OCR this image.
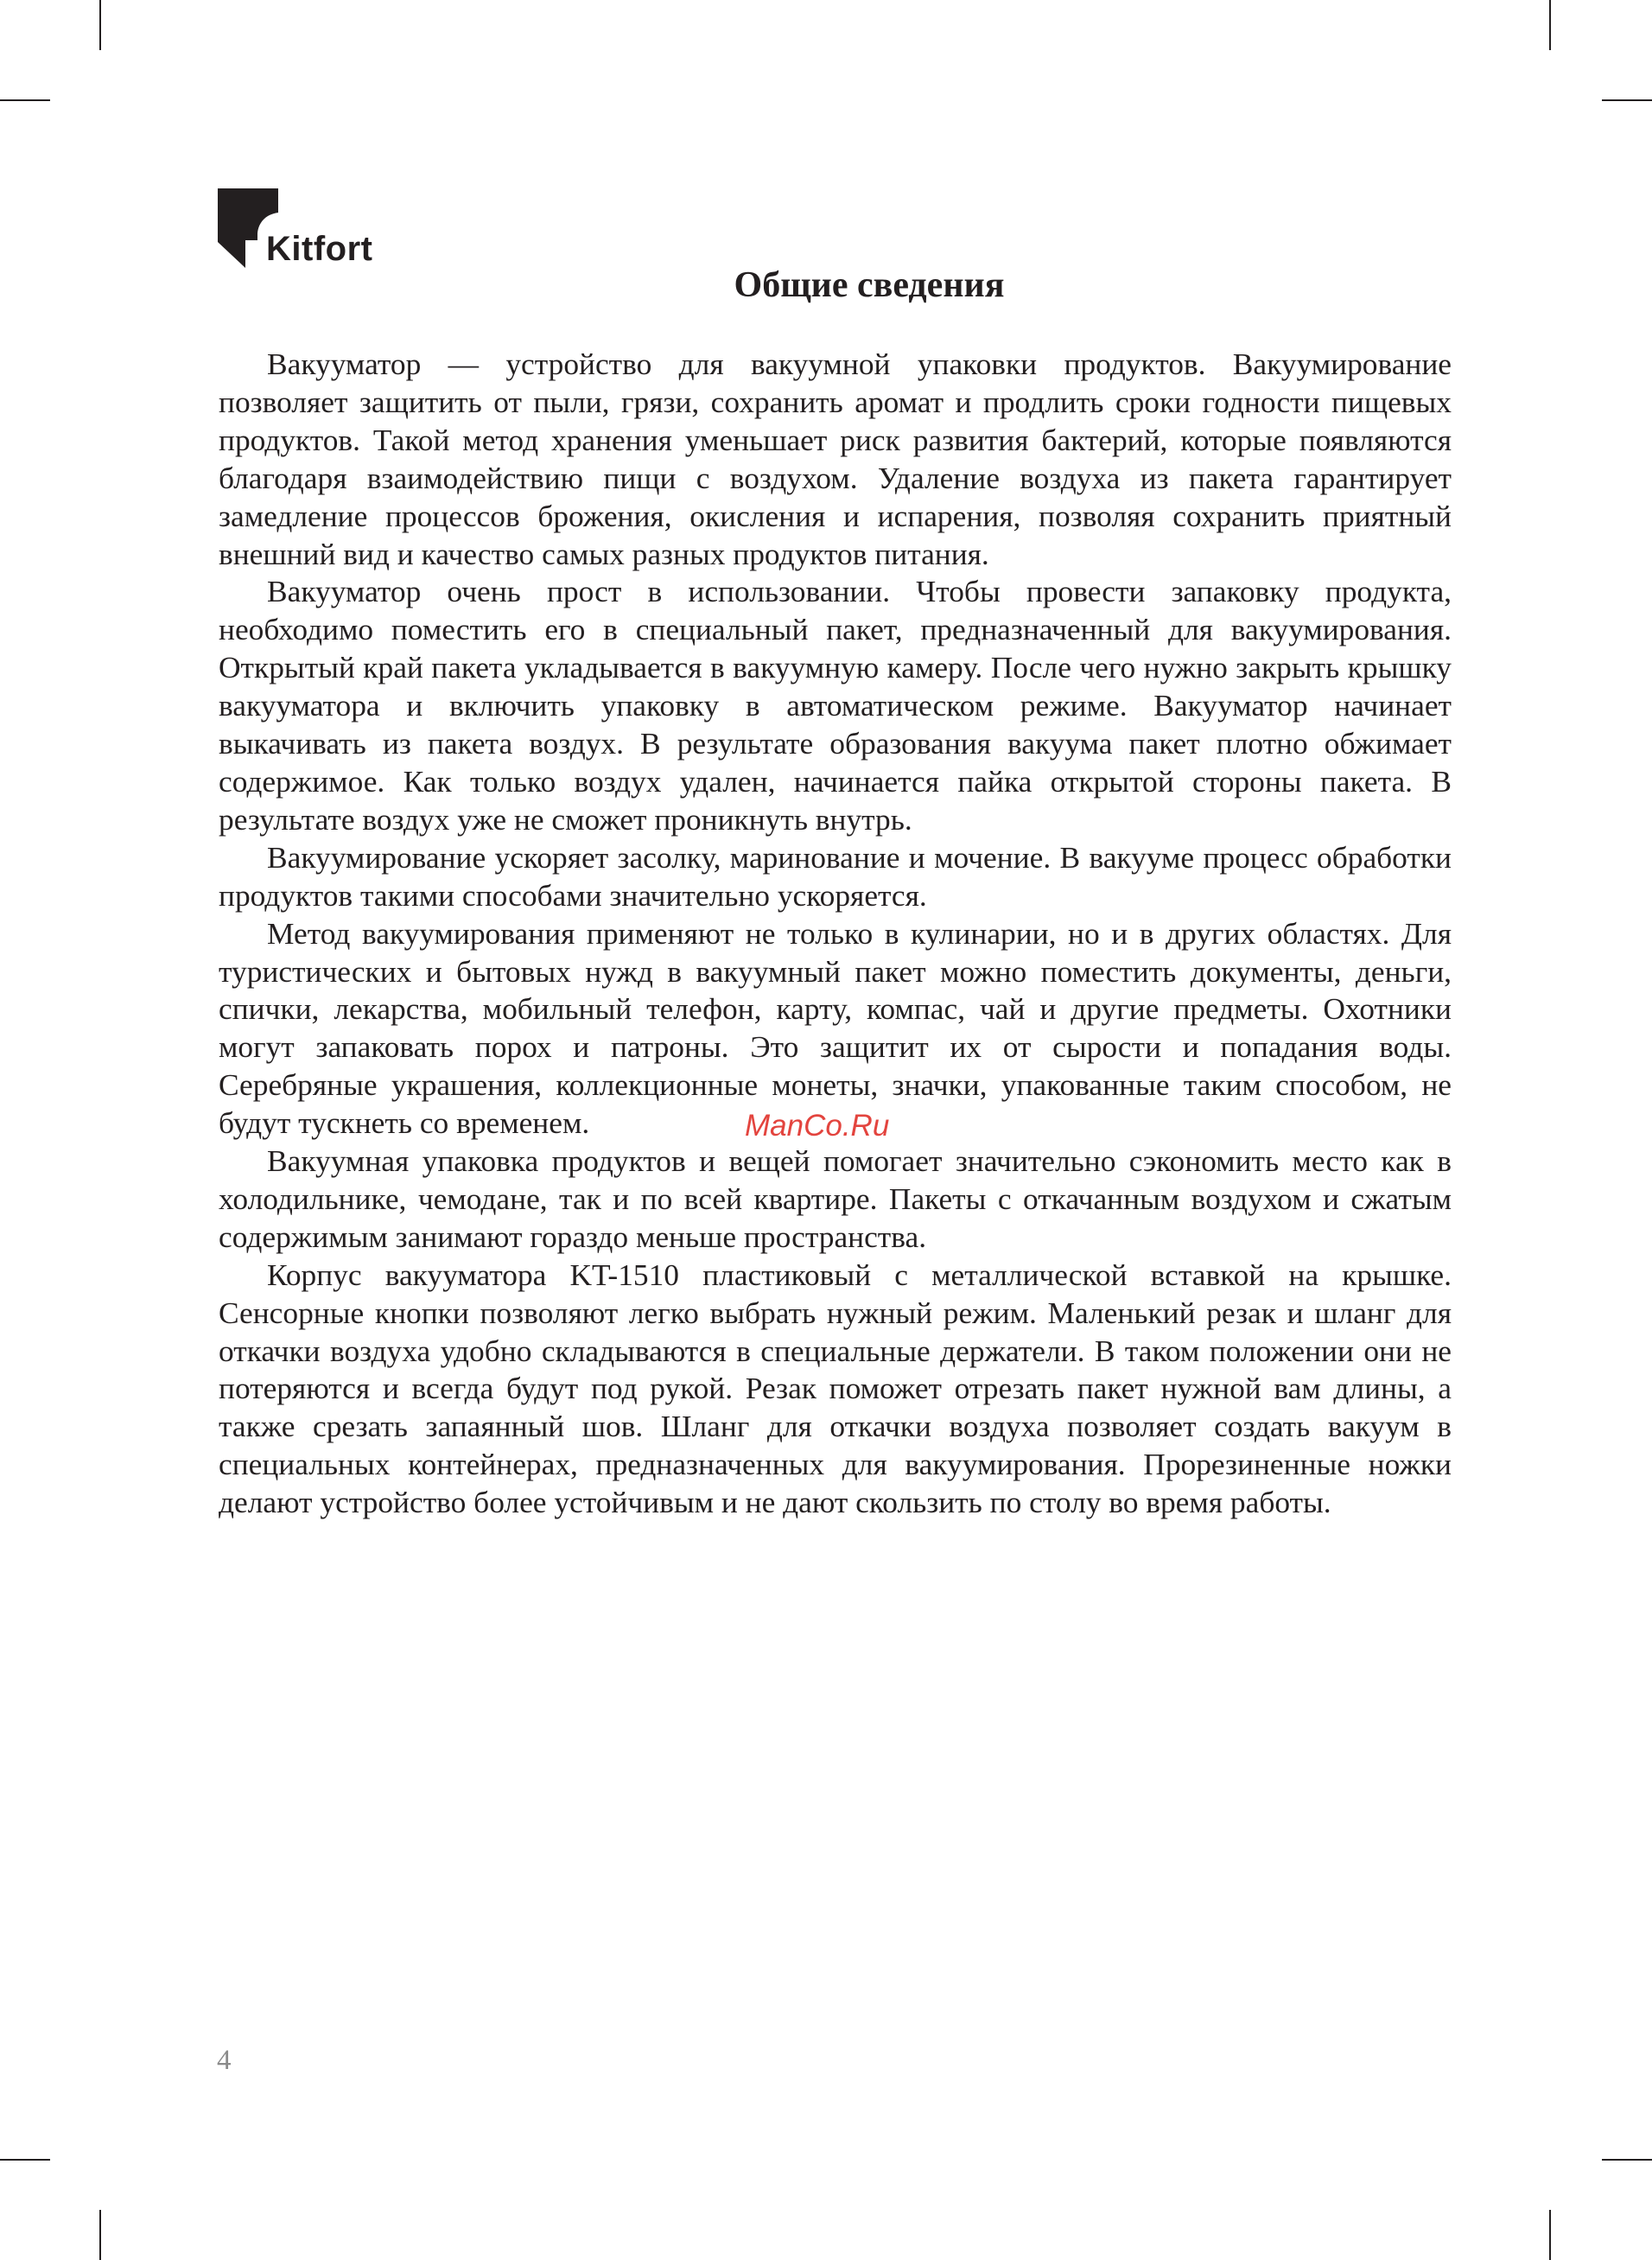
Kitfort
Общие сведения

Вакууматор — устройство для вакуумной упаковки продуктов. Вакуумирование позволяет защитить от пыли, грязи, сохранить аромат и продлить сроки годности пищевых продуктов. Такой метод хранения уменьшает риск развития бактерий, которые появляются благодаря взаимодействию пищи с воздухом. Удаление воздуха из пакета гарантирует замедление процессов брожения, окисления и испарения, позволяя сохранить приятный внешний вид и качество самых разных продуктов питания.

Вакууматор очень прост в использовании. Чтобы провести запаковку продукта, необходимо поместить его в специальный пакет, предназначенный для вакуумирования. Открытый край пакета укладывается в вакуумную камеру. После чего нужно закрыть крышку вакууматора и включить упаковку в автоматическом режиме. Вакууматор начинает выкачивать из пакета воздух. В результате образования вакуума пакет плотно обжимает содержимое. Как только воздух удален, начинается пайка открытой стороны пакета. В результате воздух уже не сможет проникнуть внутрь.

Вакуумирование ускоряет засолку, маринование и мочение. В вакууме процесс обработки продуктов такими способами значительно ускоряется.

Метод вакуумирования применяют не только в кулинарии, но и в других областях. Для туристических и бытовых нужд в вакуумный пакет можно поместить документы, деньги, спички, лекарства, мобильный телефон, карту, компас, чай и другие предметы. Охотники могут запаковать порох и патроны. Это защитит их от сырости и попадания воды. Серебряные украшения, коллекционные монеты, значки, упакованные таким способом, не будут тускнеть со временем.

Вакуумная упаковка продуктов и вещей помогает значительно сэкономить место как в холодильнике, чемодане, так и по всей квартире. Пакеты с откачанным воздухом и сжатым содержимым занимают гораздо меньше пространства.

Корпус вакууматора KT-1510 пластиковый с металлической вставкой на крышке. Сенсорные кнопки позволяют легко выбрать нужный режим. Маленький резак и шланг для откачки воздуха удобно складываются в специальные держатели. В таком положении они не потеряются и всегда будут под рукой. Резак поможет отрезать пакет нужной вам длины, а также срезать запаянный шов. Шланг для откачки воздуха позволяет создать вакуум в специальных контейнерах, предназначенных для вакуумирования. Прорезиненные ножки делают устройство более устойчивым и не дают скользить по столу во время работы.

ManCo.Ru
4
